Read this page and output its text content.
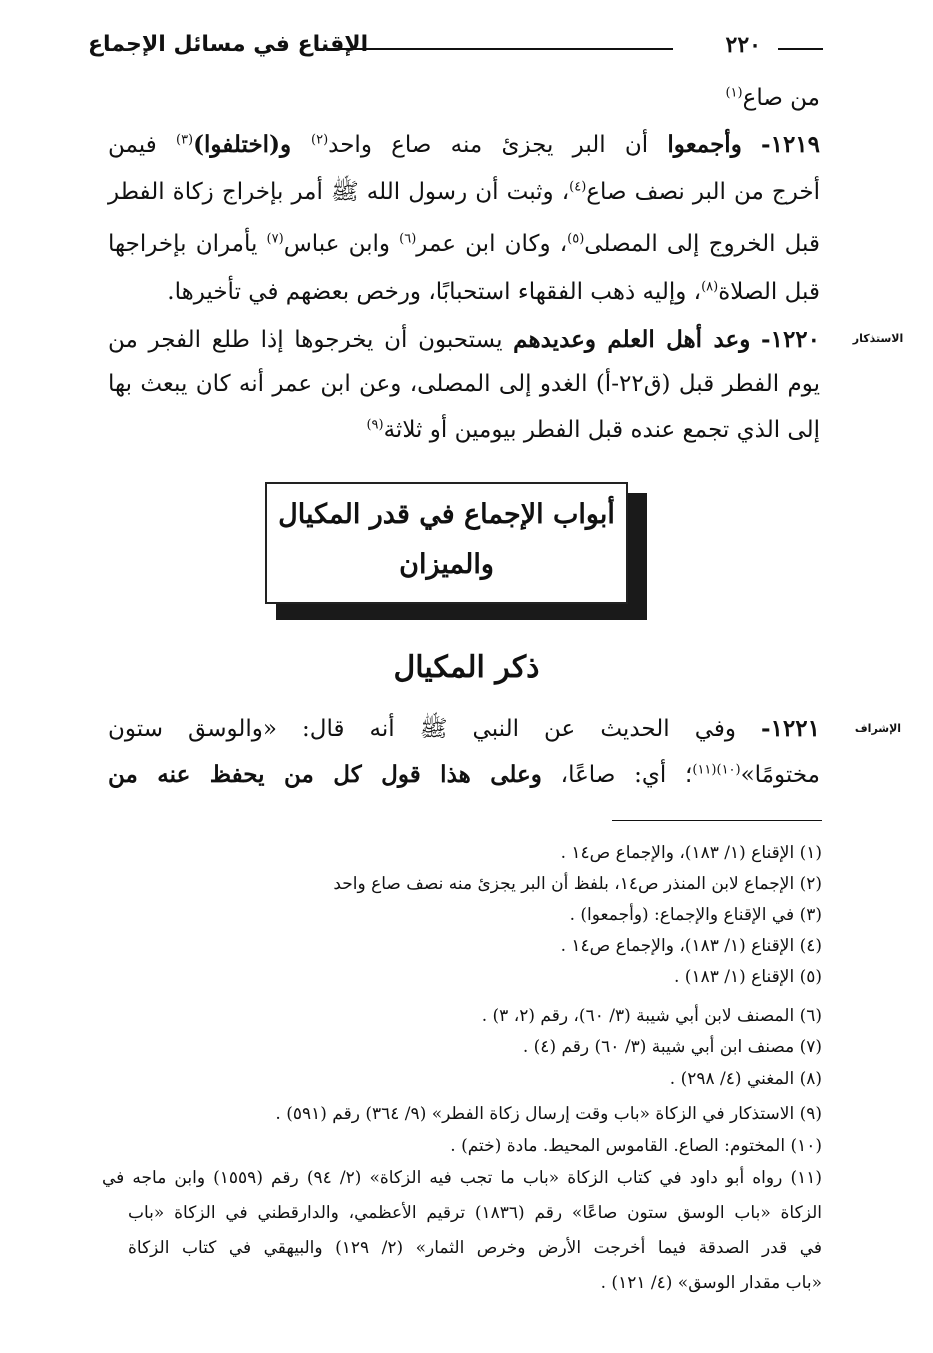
الإقناع في مسائل الإجماع	٢٢٠
من صاع$^{(١)}$
١٢١٩- وأجمعوا أن البر يجزئ منه صاع واحد$^{(٢)}$ و(اختلفوا)$^{(٣)}$ فيمن
أخرج من البر نصف صاع$^{(٤)}$، وثبت أن رسول الله ﷺ أمر بإخراج زكاة الفطر
قبل الخروج إلى المصلى$^{(٥)}$، وكان ابن عمر$^{(٦)}$ وابن عباس$^{(٧)}$ يأمران بإخراجها
قبل الصلاة$^{(٨)}$، وإليه ذهب الفقهاء استحبابًا، ورخص بعضهم في تأخيرها.
الاستذكار
١٢٢٠- وعد أهل العلم وعديدهم يستحبون أن يخرجوها إذا طلع الفجر من
يوم الفطر قبل (ق٢٢-أ) الغدو إلى المصلى، وعن ابن عمر أنه كان يبعث بها
إلى الذي تجمع عنده قبل الفطر بيومين أو ثلاثة$^{(٩)}$
أبواب الإجماع في قدر المكيال
والميزان
ذكر المكيال
الإشراف
١٢٢١- وفي الحديث عن النبي ﷺ أنه قال: «والوسق ستون
مختومًا»$^{(١٠)(١١)}$؛ أي: صاعًا، وعلى هذا قول كل من يحفظ عنه من
(١) الإقناع (١/ ١٨٣)، والإجماع ص١٤ .
(٢) الإجماع لابن المنذر ص١٤، بلفظ أن البر يجزئ منه نصف صاع واحد
(٣) في الإقناع والإجماع: (وأجمعوا) .
(٤) الإقناع (١/ ١٨٣)، والإجماع ص١٤ .
(٥) الإقناع (١/ ١٨٣) .
(٦) المصنف لابن أبي شيبة (٣/ ٦٠)، رقم (٢، ٣) .
(٧) مصنف ابن أبي شيبة (٣/ ٦٠) رقم (٤) .
(٨) المغني (٤/ ٢٩٨) .
(٩) الاستذكار في الزكاة «باب وقت إرسال زكاة الفطر» (٩/ ٣٦٤) رقم (٥٩١) .
(١٠) المختوم: الصاع. القاموس المحيط. مادة (ختم) .
(١١) رواه أبو داود في كتاب الزكاة «باب ما تجب فيه الزكاة» (٢/ ٩٤) رقم (١٥٥٩) وابن ماجه في
الزكاة «باب الوسق ستون صاعًا» رقم (١٨٣٦) ترقيم الأعظمي، والدارقطني في الزكاة «باب
في قدر الصدقة فيما أخرجت الأرض وخرص الثمار» (٢/ ١٢٩) والبيهقي في كتاب الزكاة
«باب مقدار الوسق» (٤/ ١٢١) .
